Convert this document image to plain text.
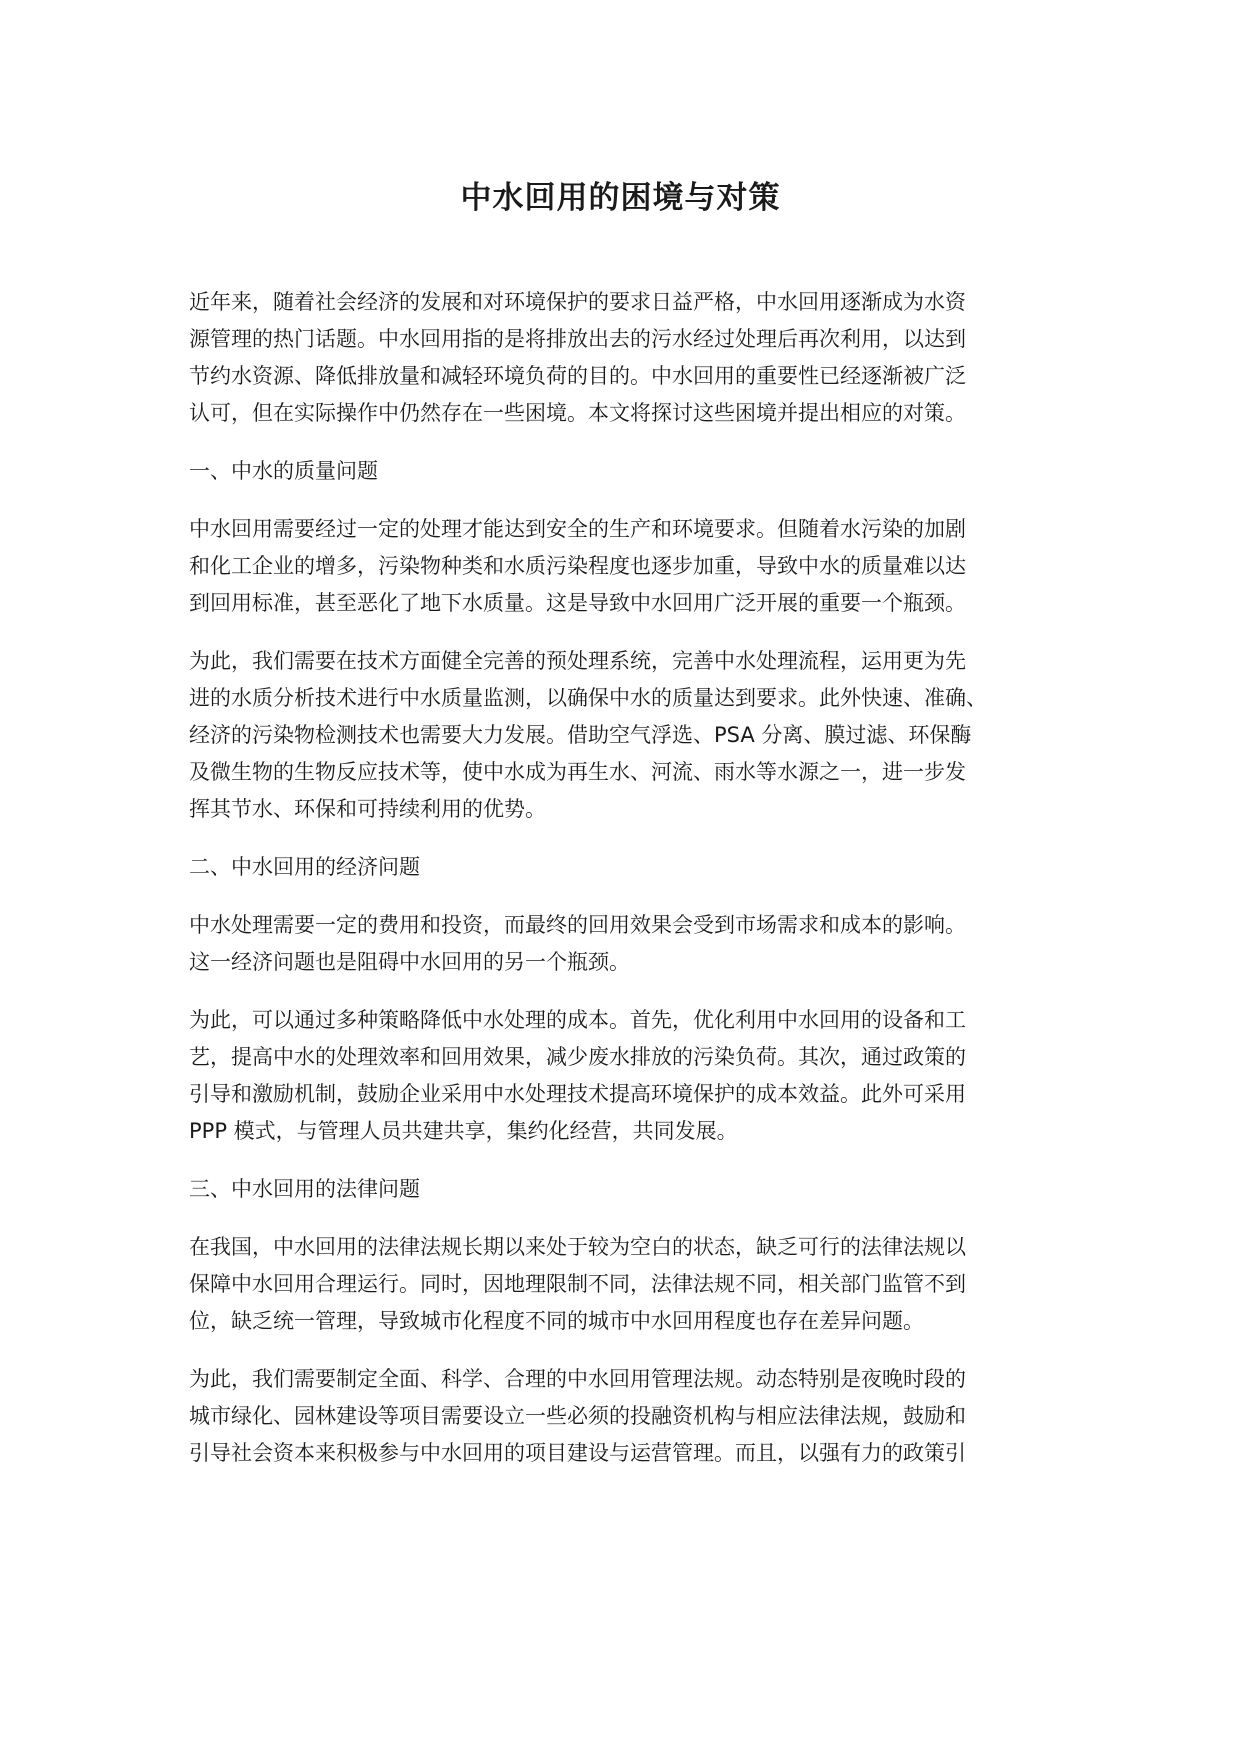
中水回用的困境与对策
近年来，随着社会经济的发展和对环境保护的要求日益严格，中水回用逐渐成为水资
源管理的热门话题。中水回用指的是将排放出去的污水经过处理后再次利用，以达到
节约水资源、降低排放量和减轻环境负荷的目的。中水回用的重要性已经逐渐被广泛
认可，但在实际操作中仍然存在一些困境。本文将探讨这些困境并提出相应的对策。
一、中水的质量问题
中水回用需要经过一定的处理才能达到安全的生产和环境要求。但随着水污染的加剧
和化工企业的增多，污染物种类和水质污染程度也逐步加重，导致中水的质量难以达
到回用标准，甚至恶化了地下水质量。这是导致中水回用广泛开展的重要一个瓶颈。
为此，我们需要在技术方面健全完善的预处理系统，完善中水处理流程，运用更为先
进的水质分析技术进行中水质量监测，以确保中水的质量达到要求。此外快速、准确、
经济的污染物检测技术也需要大力发展。借助空气浮选、PSA 分离、膜过滤、环保酶
及微生物的生物反应技术等，使中水成为再生水、河流、雨水等水源之一，进一步发
挥其节水、环保和可持续利用的优势。
二、中水回用的经济问题
中水处理需要一定的费用和投资，而最终的回用效果会受到市场需求和成本的影响。
这一经济问题也是阻碍中水回用的另一个瓶颈。
为此，可以通过多种策略降低中水处理的成本。首先，优化利用中水回用的设备和工
艺，提高中水的处理效率和回用效果，减少废水排放的污染负荷。其次，通过政策的
引导和激励机制，鼓励企业采用中水处理技术提高环境保护的成本效益。此外可采用
PPP 模式，与管理人员共建共享，集约化经营，共同发展。
三、中水回用的法律问题
在我国，中水回用的法律法规长期以来处于较为空白的状态，缺乏可行的法律法规以
保障中水回用合理运行。同时，因地理限制不同，法律法规不同，相关部门监管不到
位，缺乏统一管理，导致城市化程度不同的城市中水回用程度也存在差异问题。
为此，我们需要制定全面、科学、合理的中水回用管理法规。动态特别是夜晚时段的
城市绿化、园林建设等项目需要设立一些必须的投融资机构与相应法律法规，鼓励和
引导社会资本来积极参与中水回用的项目建设与运营管理。而且，以强有力的政策引
